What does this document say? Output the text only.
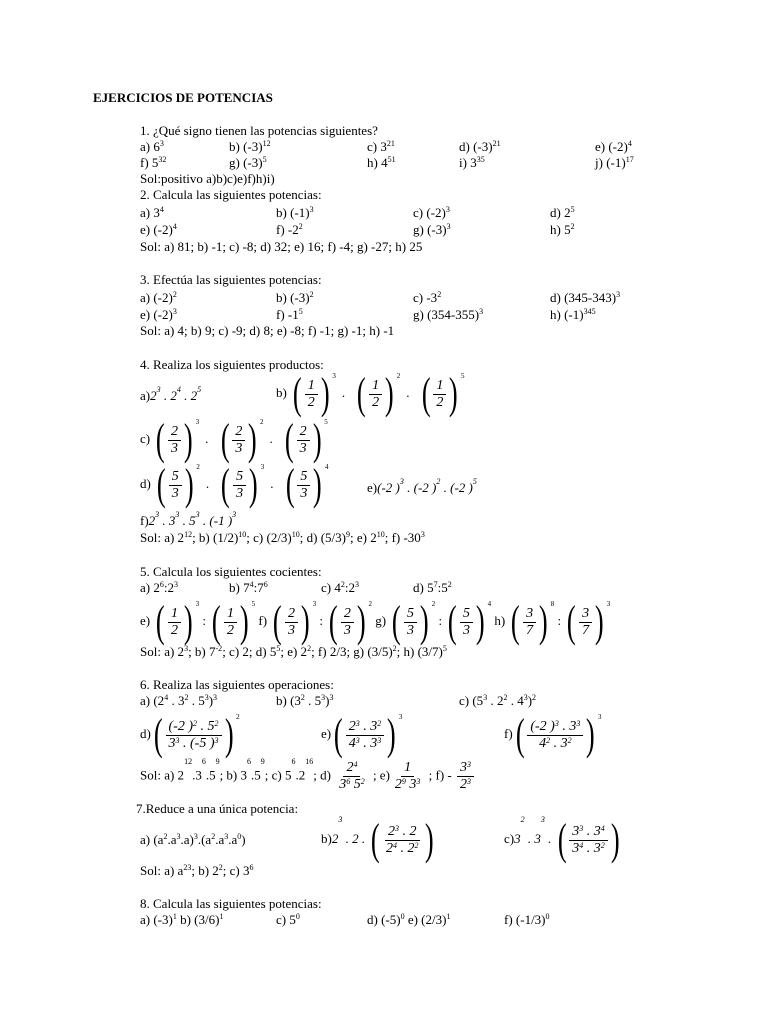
EJERCICIOS DE POTENCIAS
1. ¿Qué signo tienen las potencias siguientes?
a) $6^3$	b) $(-3)^{12}$	c) $3^{21}$	d) $(-3)^{21}$	e) $(-2)^4$
f) $5^{32}$	g) $(-3)^5$	h) $4^{51}$	i) $3^{35}$	j) $(-1)^{17}$
Sol:positivo a)b)c)e)f)h)i)
2. Calcula las siguientes potencias:
a) $3^4$	b) $(-1)^3$	c) $(-2)^3$	d) $2^5$
e) $(-2)^4$	f) $-2^2$	g) $(-3)^3$	h) $5^2$
Sol: a) 81; b) -1; c) -8; d) 32; e) 16; f) -4; g) -27; h) 25
3. Efectúa las siguientes potencias:
a) $(-2)^2$	b) $(-3)^2$	c) $-3^2$	d) $(345-343)^3$
e) $(-2)^3$	f) $-1^5$	g) $(354-355)^3$	h) $(-1)^{345}$
Sol: a) 4; b) 9; c) -9; d) 8; e) -8; f) -1; g) -1; h) -1
4. Realiza los siguientes productos:
$a)2^3$ . $2^4$ . $2^5$	b) ( $\frac{1}{2}$ ) 3
. ( $\frac{1}{2}$ ) 2
. ( $\frac{1}{2}$ ) 5
c) ( $\frac{2}{3}$ ) 3
. ( $\frac{2}{3}$ ) 2
. ( $\frac{2}{3}$ ) 5
d) ( $\frac{5}{3}$ ) 2
. ( $\frac{5}{3}$ ) 3
. ( $\frac{5}{3}$ ) 4
e)(-2 )$^3$ . (-2 )$^2$ . (-2 )$^5$
$f)2^3$ . $3^3$ . $5^3$ . (-1 )$^3$
Sol: a) $2^{12}$; b) $(1/2)^{10}$; c) $(2/3)^{10}$; d) $(5/3)^9$; e) $2^{10}$; f) $-30^3$
5. Calcula los siguientes cocientes:
a) $2^6:2^3$	b) $7^4:7^6$	c) $4^2:2^3$	d) $5^7:5^2$
e) ( $\frac{1}{2}$ ) 3
: ( $\frac{1}{2}$ ) 5
f) ( $\frac{2}{3}$ ) 3
: ( $\frac{2}{3}$ ) 2
g) ( $\frac{5}{3}$ ) 2
: ( $\frac{5}{3}$ ) 4
h) ( $\frac{3}{7}$ ) 8
: ( $\frac{3}{7}$ ) 3
Sol: a) $2^3$; b) $7^{-2}$; c) 2; d) $5^5$; e) $2^2$; f) 2/3; g) $(3/5)^2$; h) $(3/7)^5$
6. Realiza las siguientes operaciones:
a) ($2^4$ . $3^2$ . $5^3)^3$	b) ($3^2$ . $5^3)^3$	c) ($5^3$ . $2^2$ . $4^3)^2$
d) ( $\frac{(-2 )^2 . 5^2}{3^3 . (-5 )^3}$ ) 2
e) ( $\frac{2^3 . 3^2}{4^3 . 3^3}$ ) 3
f) ( $\frac{(-2 )^3 . 3^3}{4^2 . 3^2}$ ) 3
Sol: a) $2^{12}.3^6.5^9$; b) $3^6.5^9$; c) $5^6.2^{16}$; $d) \frac{2^4}{3^6 5^2}$ ; $e) \frac{1}{2^9 3^3}$ ; $f) - \frac{3^3}{2^3}$
7.Reduce a una única potencia:
a) $(a^2.a^3.a)^3.(a^2.a^3.a^0)$	$b)2^3$ . 2 . ( $\frac{2^3 . 2}{2^4 . 2^2}$ )	$c)3^2$ . $3^3$ . ( $\frac{3^3 . 3^4}{3^4 . 3^2}$ )
Sol: a) $a^{23}$; b) $2^2$; c) $3^6$
8. Calcula las siguientes potencias:
a) $(-3)^1$ b) $(3/6)^1$	c) $5^0$	d) $(-5)^0$ e) $(2/3)^1$	f) $(-1/3)^0$
